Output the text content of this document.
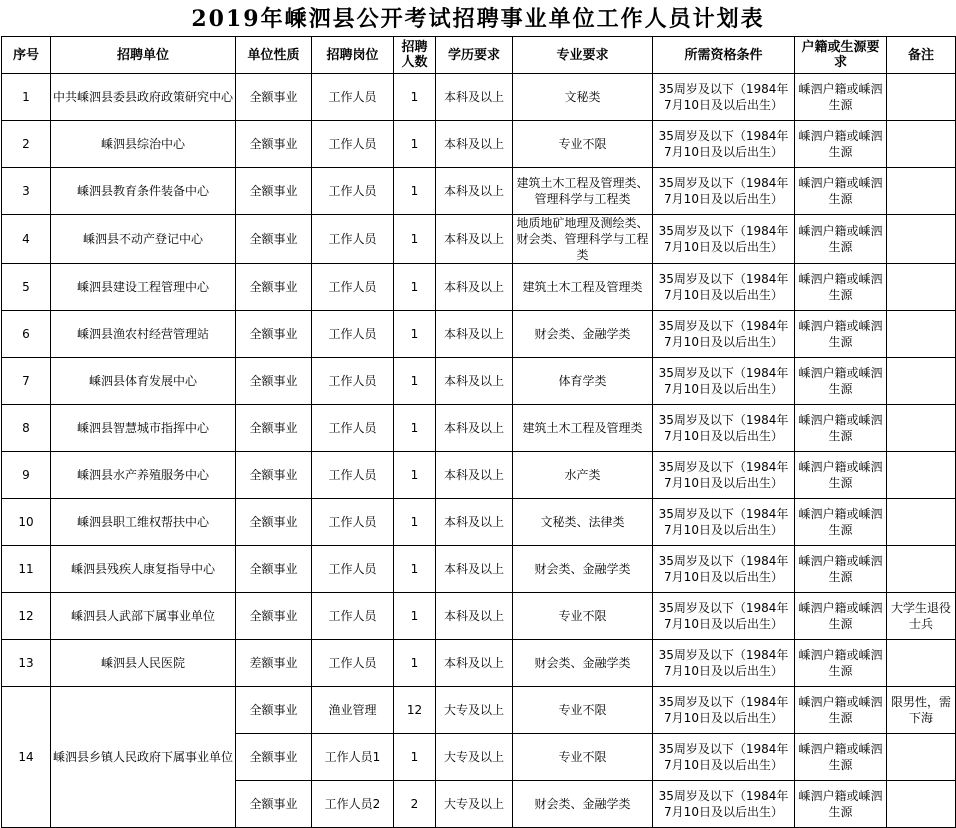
2019年嵊泗县公开考试招聘事业单位工作人员计划表
序号	招聘单位	单位性质	招聘岗位	招聘人数	学历要求	专业要求	所需资格条件	户籍或生源要求	备注
1	中共嵊泗县委县政府政策研究中心	全额事业	工作人员	1	本科及以上	文秘类	35周岁及以下（1984年7月10日及以后出生）	嵊泗户籍或嵊泗生源	
2	嵊泗县综治中心	全额事业	工作人员	1	本科及以上	专业不限	35周岁及以下（1984年7月10日及以后出生）	嵊泗户籍或嵊泗生源	
3	嵊泗县教育条件装备中心	全额事业	工作人员	1	本科及以上	建筑土木工程及管理类、管理科学与工程类	35周岁及以下（1984年7月10日及以后出生）	嵊泗户籍或嵊泗生源	
4	嵊泗县不动产登记中心	全额事业	工作人员	1	本科及以上	地质地矿地理及测绘类、财会类、管理科学与工程类	35周岁及以下（1984年7月10日及以后出生）	嵊泗户籍或嵊泗生源	
5	嵊泗县建设工程管理中心	全额事业	工作人员	1	本科及以上	建筑土木工程及管理类	35周岁及以下（1984年7月10日及以后出生）	嵊泗户籍或嵊泗生源	
6	嵊泗县渔农村经营管理站	全额事业	工作人员	1	本科及以上	财会类、金融学类	35周岁及以下（1984年7月10日及以后出生）	嵊泗户籍或嵊泗生源	
7	嵊泗县体育发展中心	全额事业	工作人员	1	本科及以上	体育学类	35周岁及以下（1984年7月10日及以后出生）	嵊泗户籍或嵊泗生源	
8	嵊泗县智慧城市指挥中心	全额事业	工作人员	1	本科及以上	建筑土木工程及管理类	35周岁及以下（1984年7月10日及以后出生）	嵊泗户籍或嵊泗生源	
9	嵊泗县水产养殖服务中心	全额事业	工作人员	1	本科及以上	水产类	35周岁及以下（1984年7月10日及以后出生）	嵊泗户籍或嵊泗生源	
10	嵊泗县职工维权帮扶中心	全额事业	工作人员	1	本科及以上	文秘类、法律类	35周岁及以下（1984年7月10日及以后出生）	嵊泗户籍或嵊泗生源	
11	嵊泗县残疾人康复指导中心	全额事业	工作人员	1	本科及以上	财会类、金融学类	35周岁及以下（1984年7月10日及以后出生）	嵊泗户籍或嵊泗生源	
12	嵊泗县人武部下属事业单位	全额事业	工作人员	1	本科及以上	专业不限	35周岁及以下（1984年7月10日及以后出生）	嵊泗户籍或嵊泗生源	大学生退役士兵
13	嵊泗县人民医院	差额事业	工作人员	1	本科及以上	财会类、金融学类	35周岁及以下（1984年7月10日及以后出生）	嵊泗户籍或嵊泗生源	
14	嵊泗县乡镇人民政府下属事业单位	全额事业	渔业管理	12	大专及以上	专业不限	35周岁及以下（1984年7月10日及以后出生）	嵊泗户籍或嵊泗生源	限男性，需下海
		全额事业	工作人员1	1	大专及以上	专业不限	35周岁及以下（1984年7月10日及以后出生）	嵊泗户籍或嵊泗生源	
		全额事业	工作人员2	2	大专及以上	财会类、金融学类	35周岁及以下（1984年7月10日及以后出生）	嵊泗户籍或嵊泗生源	
